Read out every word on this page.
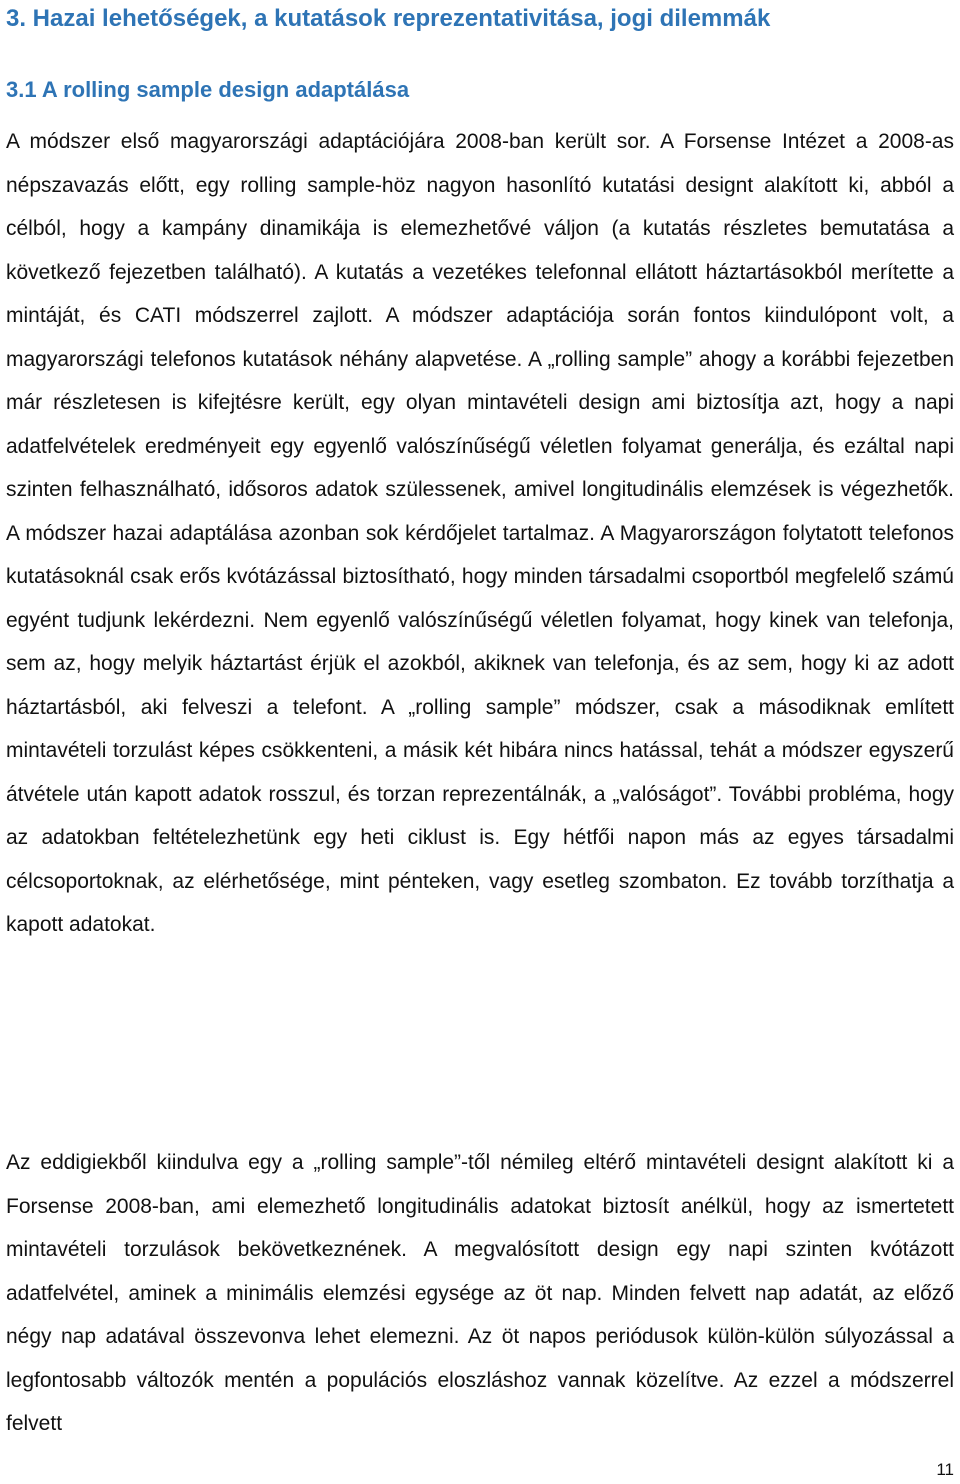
3. Hazai lehetőségek, a kutatások reprezentativitása, jogi dilemmák
3.1 A rolling sample design adaptálása

A módszer első magyarországi adaptációjára 2008-ban került sor. A Forsense Intézet a 2008-as népszavazás előtt, egy rolling sample-höz nagyon hasonlító kutatási designt alakított ki, abból a célból, hogy a kampány dinamikája is elemezhetővé váljon (a kutatás részletes bemutatása a következő fejezetben található). A kutatás a vezetékes telefonnal ellátott háztartásokból merítette a mintáját, és CATI módszerrel zajlott. A módszer adaptációja során fontos kiindulópont volt, a magyarországi telefonos kutatások néhány alapvetése. A „rolling sample” ahogy a korábbi fejezetben már részletesen is kifejtésre került, egy olyan mintavételi design ami biztosítja azt, hogy a napi adatfelvételek eredményeit egy egyenlő valószínűségű véletlen folyamat generálja, és ezáltal napi szinten felhasználható, idősoros adatok szülessenek, amivel longitudinális elemzések is végezhetők. A módszer hazai adaptálása azonban sok kérdőjelet tartalmaz. A Magyarországon folytatott telefonos kutatásoknál csak erős kvótázással biztosítható, hogy minden társadalmi csoportból megfelelő számú egyént tudjunk lekérdezni. Nem egyenlő valószínűségű véletlen folyamat, hogy kinek van telefonja, sem az, hogy melyik háztartást érjük el azokból, akiknek van telefonja, és az sem, hogy ki az adott háztartásból, aki felveszi a telefont. A „rolling sample” módszer, csak a másodiknak említett mintavételi torzulást képes csökkenteni, a másik két hibára nincs hatással, tehát a módszer egyszerű átvétele után kapott adatok rosszul, és torzan reprezentálnák, a „valóságot”. További probléma, hogy az adatokban feltételezhetünk egy heti ciklust is. Egy hétfői napon más az egyes társadalmi célcsoportoknak, az elérhetősége, mint pénteken, vagy esetleg szombaton. Ez tovább torzíthatja a kapott adatokat.

Az eddigiekből kiindulva egy a „rolling sample”-től némileg eltérő mintavételi designt alakított ki a Forsense 2008-ban, ami elemezhető longitudinális adatokat biztosít anélkül, hogy az ismertetett mintavételi torzulások bekövetkeznének. A megvalósított design egy napi szinten kvótázott adatfelvétel, aminek a minimális elemzési egysége az öt nap. Minden felvett nap adatát, az előző négy nap adatával összevonva lehet elemezni. Az öt napos periódusok külön-külön súlyozással a legfontosabb változók mentén a populációs eloszláshoz vannak közelítve. Az ezzel a módszerrel felvett

11
